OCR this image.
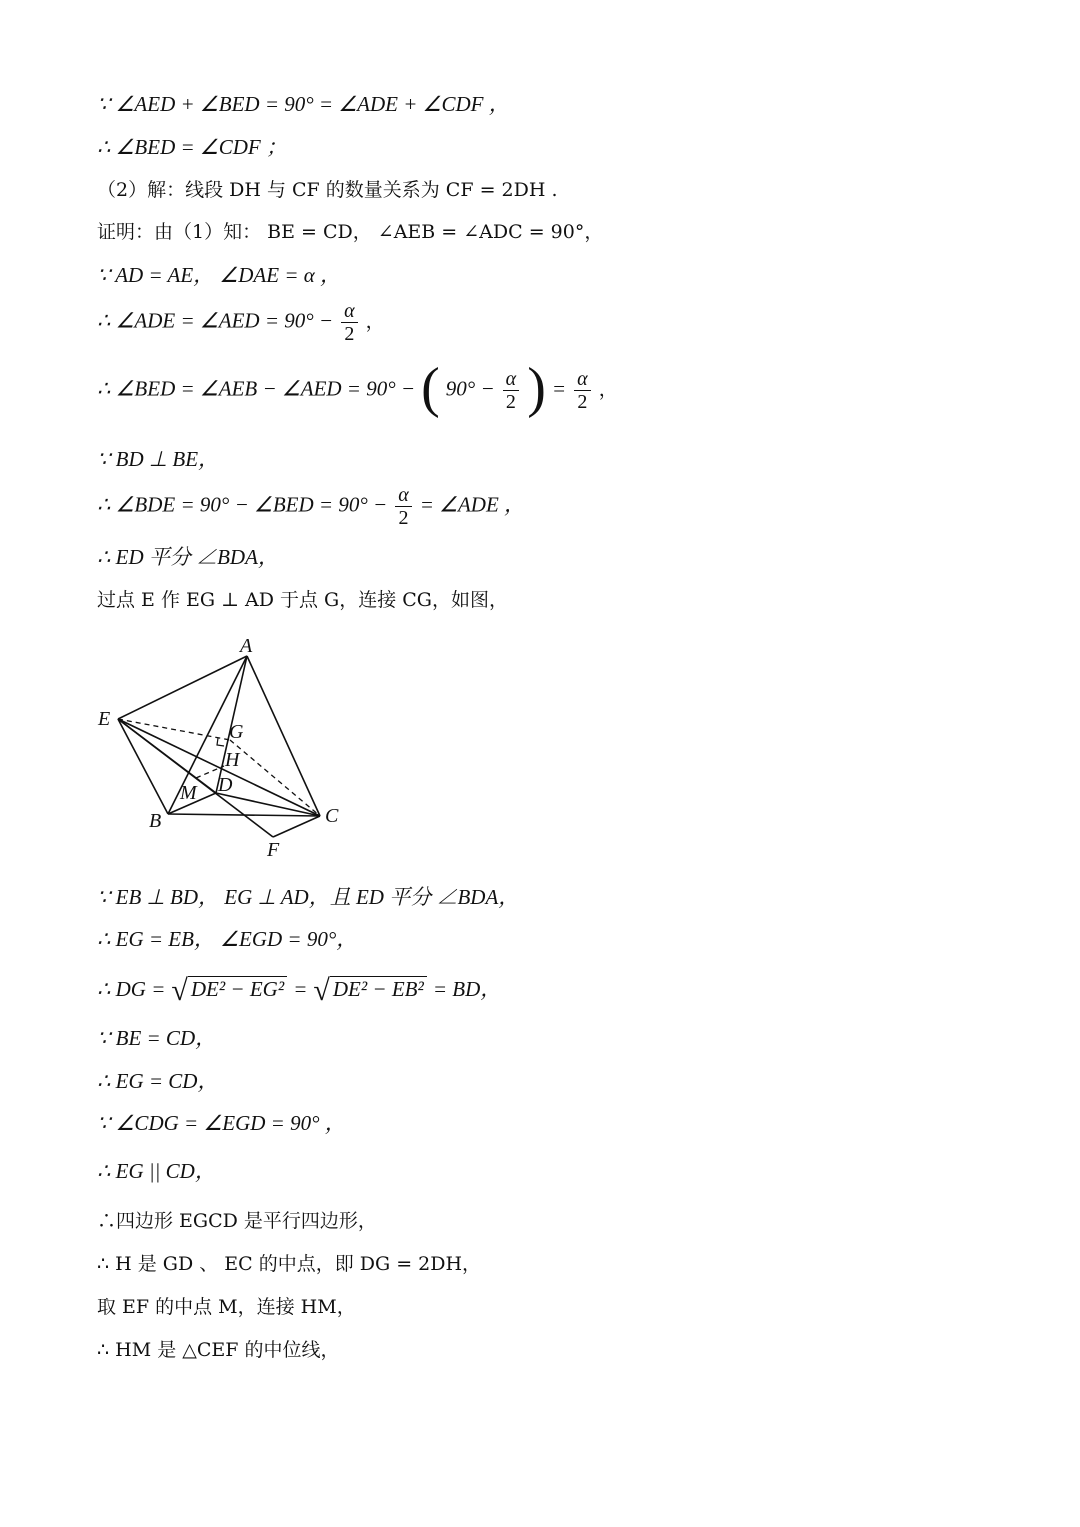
∵ ∠AED + ∠BED = 90° = ∠ADE + ∠CDF ，
∴ ∠BED = ∠CDF ；
（2）解：线段 DH 与 CF 的数量关系为 CF = 2DH .
证明：由（1）知： BE = CD， ∠AEB = ∠ADC = 90°，
∵ AD = AE， ∠DAE = α ，
∴ ∠ADE = ∠AED = $90^\circ - \frac{\alpha}{2}$ ，
∴ ∠BED = ∠AEB − ∠AED = 90° − ( $90^\circ - \frac{\alpha}{2}$ ) = $\frac{\alpha}{2}$ ，
∵ BD ⊥ BE，
∴ ∠BDE = 90° − ∠BED = $90^\circ - \frac{\alpha}{2}$ = ∠ADE ，
∴ ED 平分 ∠BDA，
过点 E 作 EG ⊥ AD 于点 G，连接 CG，如图，
A
E
G
H
D
M
B	C
F
∵ EB ⊥ BD， EG ⊥ AD，且 ED 平分 ∠BDA，
∴ EG = EB， ∠EGD = 90°，
∴ DG = √ DE² − EG² = √ DE² − EB² = BD，
∵ BE = CD，
∴ EG = CD，
∵ ∠CDG = ∠EGD = 90° ，
∴ EG || CD，
∴四边形 EGCD 是平行四边形，
∴ H 是 GD 、 EC 的中点，即 DG = 2DH，
取 EF 的中点 M，连接 HM，
∴ HM 是 △CEF 的中位线，
